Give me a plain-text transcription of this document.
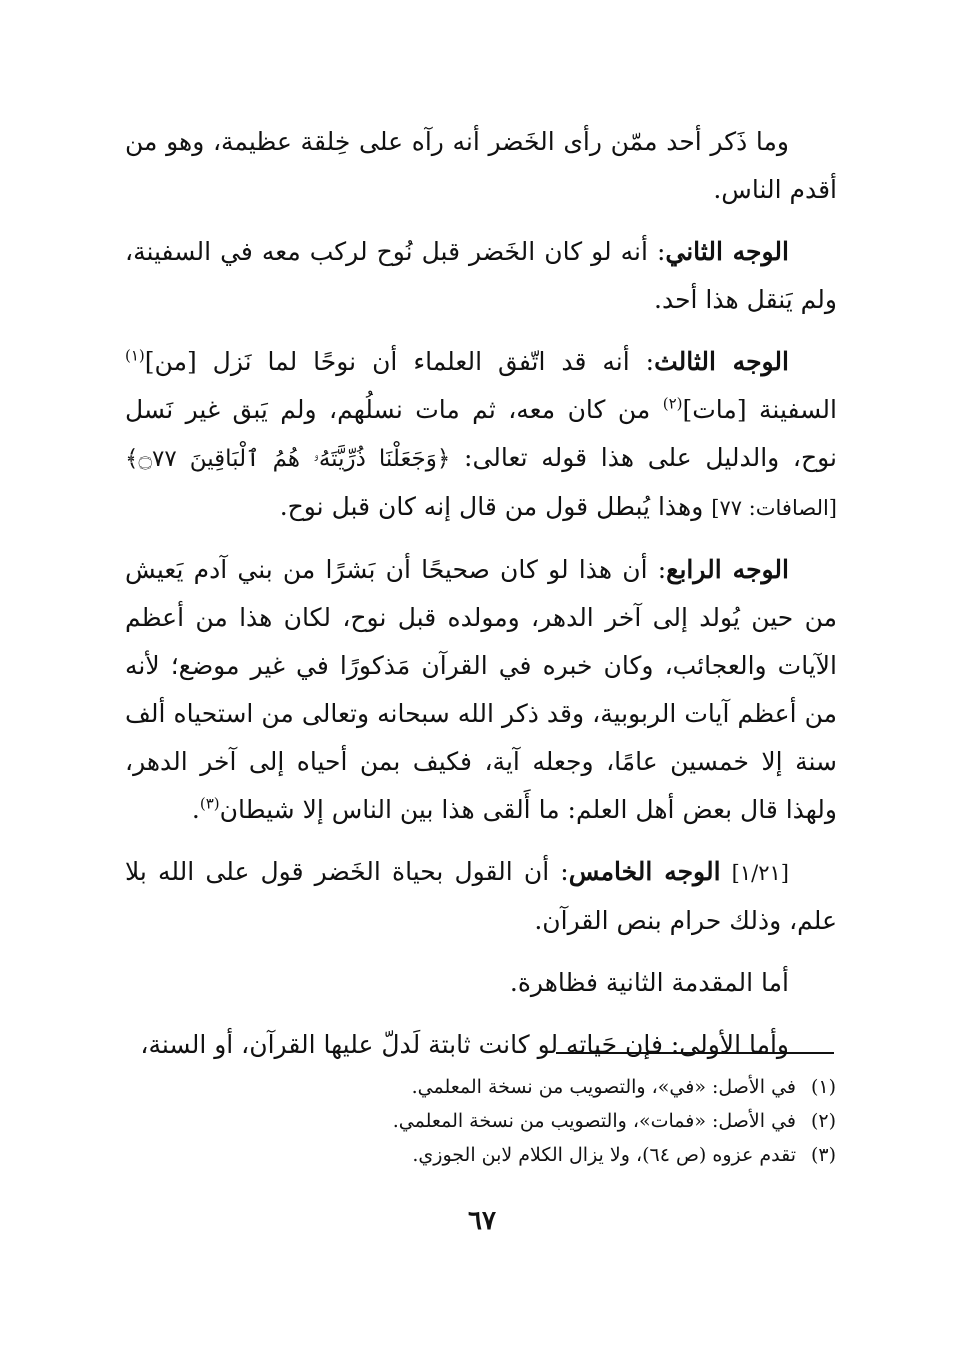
وما ذَكر أحد ممّن رأى الخَضر أنه رآه على خِلقة عظيمة، وهو من أقدم الناس.

الوجه الثاني: أنه لو كان الخَضر قبل نُوح لركب معه في السفينة، ولم يَنقل هذا أحد.

الوجه الثالث: أنه قد اتّفق العلماء أن نوحًا لما نَزل [من]$^{(١)}$ السفينة [مات]$^{(٢)}$ من كان معه، ثم مات نسلُهم، ولم يَبق غير نَسل نوح، والدليل على هذا قوله تعالى: ﴿وَجَعَلْنَا ذُرِّيَّتَهُۥ هُمُ ٱلْبَاقِينَ ۝٧٧﴾ [الصافات: ٧٧] وهذا يُبطل قول من قال إنه كان قبل نوح.

الوجه الرابع: أن هذا لو كان صحيحًا أن بَشرًا من بني آدم يَعيش من حين يُولد إلى آخر الدهر، ومولده قبل نوح، لكان هذا من أعظم الآيات والعجائب، وكان خبره في القرآن مَذكورًا في غير موضع؛ لأنه من أعظم آيات الربوبية، وقد ذكر الله سبحانه وتعالى من استحياه ألف سنة إلا خمسين عامًا، وجعله آية، فكيف بمن أحياه إلى آخر الدهر، ولهذا قال بعض أهل العلم: ما أَلقى هذا بين الناس إلا شيطان$^{(٣)}$.

[١/٢١] الوجه الخامس: أن القول بحياة الخَضر قول على الله بلا علم، وذلك حرام بنص القرآن.

أما المقدمة الثانية فظاهرة.

وأما الأولى: فإن حَياته لو كانت ثابتة لَدلّ عليها القرآن، أو السنة،

(١)في الأصل: «في»، والتصويب من نسخة المعلمي.
(٢)في الأصل: «فمات»، والتصويب من نسخة المعلمي.
(٣)تقدم عزوه (ص ٦٤)، ولا يزال الكلام لابن الجوزي.
٦٧
